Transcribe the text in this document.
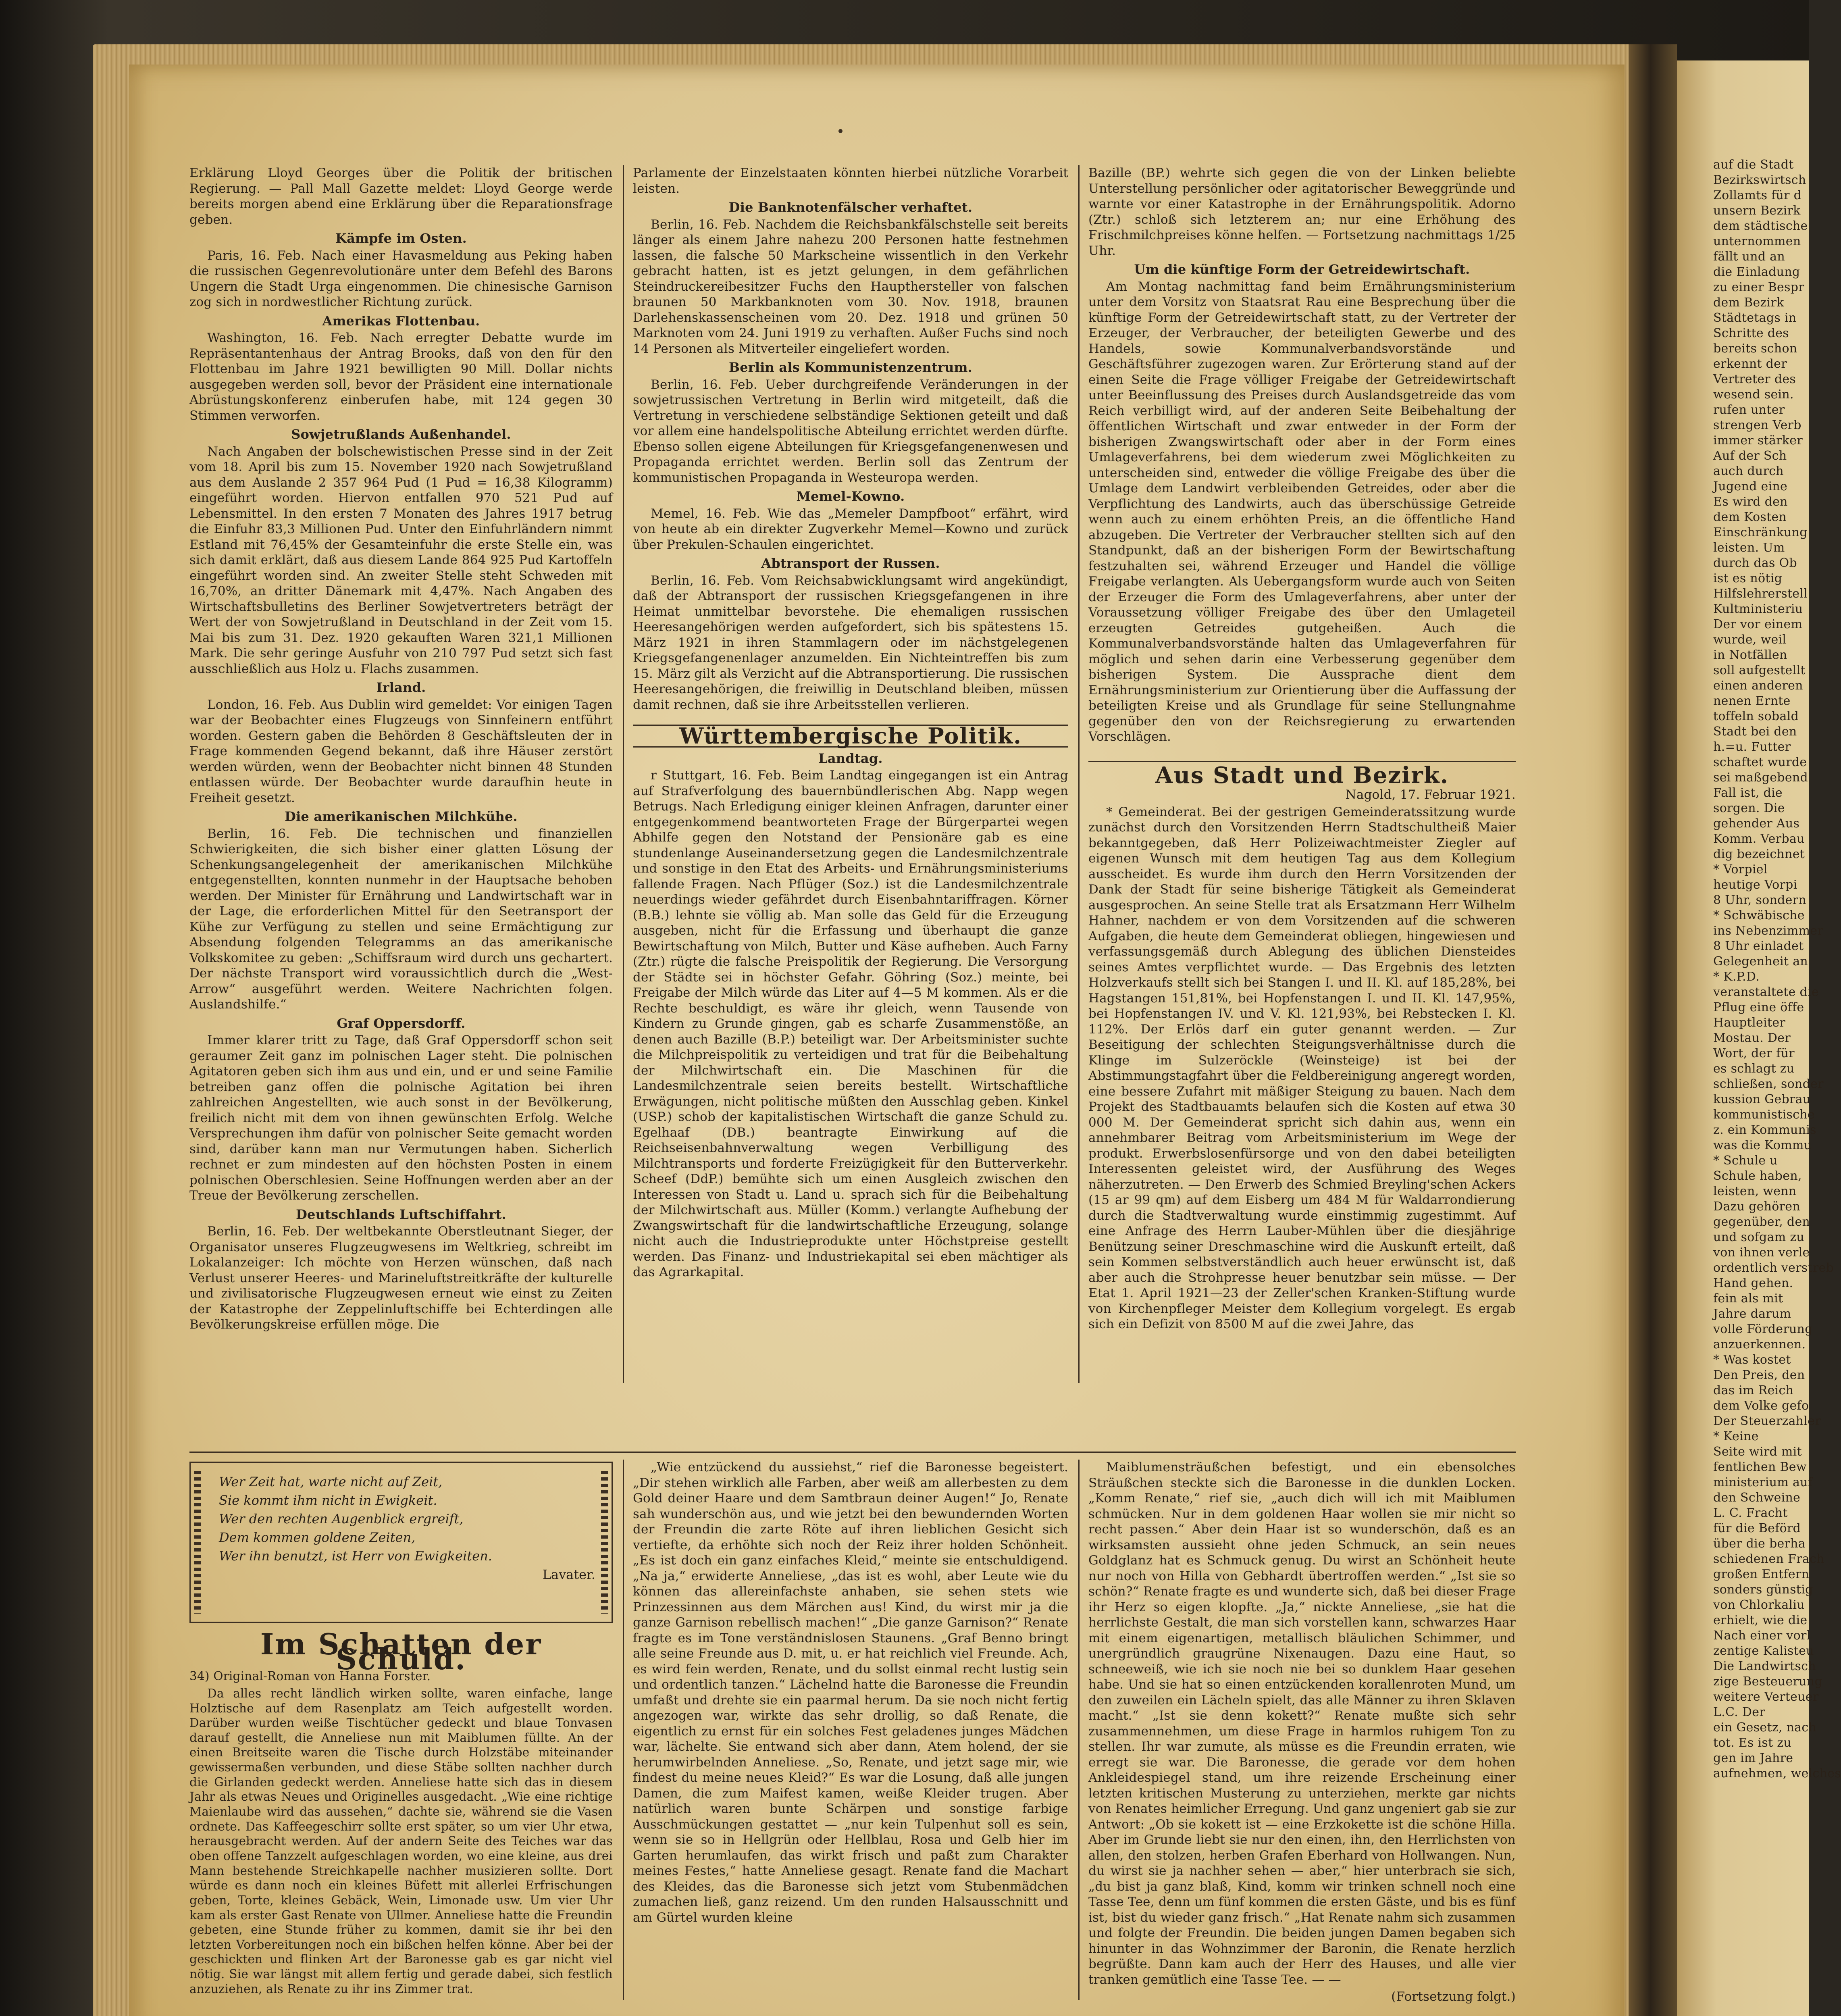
Erklärung Lloyd Georges über die Politik der britischen Regierung. — Pall Mall Gazette meldet: Lloyd George werde bereits morgen abend eine Erklärung über die Reparationsfrage geben.

Kämpfe im Osten.

Paris, 16. Feb. Nach einer Havasmeldung aus Peking haben die russischen Gegenrevolutionäre unter dem Befehl des Barons Ungern die Stadt Urga eingenommen. Die chinesische Garnison zog sich in nordwestlicher Richtung zurück.

Amerikas Flottenbau.

Washington, 16. Feb. Nach erregter Debatte wurde im Repräsentantenhaus der Antrag Brooks, daß von den für den Flottenbau im Jahre 1921 bewilligten 90 Mill. Dollar nichts ausgegeben werden soll, bevor der Präsident eine internationale Abrüstungskonferenz einberufen habe, mit 124 gegen 30 Stimmen verworfen.

Sowjetrußlands Außenhandel.

Nach Angaben der bolschewistischen Presse sind in der Zeit vom 18. April bis zum 15. November 1920 nach Sowjetrußland aus dem Auslande 2 357 964 Pud (1 Pud = 16,38 Kilogramm) eingeführt worden. Hiervon entfallen 970 521 Pud auf Lebensmittel. In den ersten 7 Monaten des Jahres 1917 betrug die Einfuhr 83,3 Millionen Pud. Unter den Einfuhrländern nimmt Estland mit 76,45% der Gesamteinfuhr die erste Stelle ein, was sich damit erklärt, daß aus diesem Lande 864 925 Pud Kartoffeln eingeführt worden sind. An zweiter Stelle steht Schweden mit 16,70%, an dritter Dänemark mit 4,47%. Nach Angaben des Wirtschaftsbulletins des Berliner Sowjetvertreters beträgt der Wert der von Sowjetrußland in Deutschland in der Zeit vom 15. Mai bis zum 31. Dez. 1920 gekauften Waren 321,1 Millionen Mark. Die sehr geringe Ausfuhr von 210 797 Pud setzt sich fast ausschließlich aus Holz u. Flachs zusammen.

Irland.

London, 16. Feb. Aus Dublin wird gemeldet: Vor einigen Tagen war der Beobachter eines Flugzeugs von Sinnfeinern entführt worden. Gestern gaben die Behörden 8 Geschäftsleuten der in Frage kommenden Gegend bekannt, daß ihre Häuser zerstört werden würden, wenn der Beobachter nicht binnen 48 Stunden entlassen würde. Der Beobachter wurde daraufhin heute in Freiheit gesetzt.

Die amerikanischen Milchkühe.

Berlin, 16. Feb. Die technischen und finanziellen Schwierigkeiten, die sich bisher einer glatten Lösung der Schenkungsangelegenheit der amerikanischen Milchkühe entgegenstellten, konnten nunmehr in der Hauptsache behoben werden. Der Minister für Ernährung und Landwirtschaft war in der Lage, die erforderlichen Mittel für den Seetransport der Kühe zur Verfügung zu stellen und seine Ermächtigung zur Absendung folgenden Telegramms an das amerikanische Volkskomitee zu geben: „Schiffsraum wird durch uns gechartert. Der nächste Transport wird voraussichtlich durch die „West-Arrow“ ausgeführt werden. Weitere Nachrichten folgen. Auslandshilfe.“

Graf Oppersdorff.

Immer klarer tritt zu Tage, daß Graf Oppersdorff schon seit geraumer Zeit ganz im polnischen Lager steht. Die polnischen Agitatoren geben sich ihm aus und ein, und er und seine Familie betreiben ganz offen die polnische Agitation bei ihren zahlreichen Angestellten, wie auch sonst in der Bevölkerung, freilich nicht mit dem von ihnen gewünschten Erfolg. Welche Versprechungen ihm dafür von polnischer Seite gemacht worden sind, darüber kann man nur Vermutungen haben. Sicherlich rechnet er zum mindesten auf den höchsten Posten in einem polnischen Oberschlesien. Seine Hoffnungen werden aber an der Treue der Bevölkerung zerschellen.

Deutschlands Luftschiffahrt.

Berlin, 16. Feb. Der weltbekannte Oberstleutnant Sieger, der Organisator unseres Flugzeugwesens im Weltkrieg, schreibt im Lokalanzeiger: Ich möchte von Herzen wünschen, daß nach Verlust unserer Heeres- und Marineluftstreitkräfte der kulturelle und zivilisatorische Flugzeugwesen erneut wie einst zu Zeiten der Katastrophe der Zeppelinluftschiffe bei Echterdingen alle Bevölkerungskreise erfüllen möge. Die

Parlamente der Einzelstaaten könnten hierbei nützliche Vorarbeit leisten.

Die Banknotenfälscher verhaftet.

Berlin, 16. Feb. Nachdem die Reichsbankfälschstelle seit bereits länger als einem Jahre nahezu 200 Personen hatte festnehmen lassen, die falsche 50 Markscheine wissentlich in den Verkehr gebracht hatten, ist es jetzt gelungen, in dem gefährlichen Steindruckereibesitzer Fuchs den Haupthersteller von falschen braunen 50 Markbanknoten vom 30. Nov. 1918, braunen Darlehenskassenscheinen vom 20. Dez. 1918 und grünen 50 Marknoten vom 24. Juni 1919 zu verhaften. Außer Fuchs sind noch 14 Personen als Mitverteiler eingeliefert worden.

Berlin als Kommunistenzentrum.

Berlin, 16. Feb. Ueber durchgreifende Veränderungen in der sowjetrussischen Vertretung in Berlin wird mitgeteilt, daß die Vertretung in verschiedene selbständige Sektionen geteilt und daß vor allem eine handelspolitische Abteilung errichtet werden dürfte. Ebenso sollen eigene Abteilungen für Kriegsgefangenenwesen und Propaganda errichtet werden. Berlin soll das Zentrum der kommunistischen Propaganda in Westeuropa werden.

Memel-Kowno.

Memel, 16. Feb. Wie das „Memeler Dampfboot“ erfährt, wird von heute ab ein direkter Zugverkehr Memel—Kowno und zurück über Prekulen-Schaulen eingerichtet.

Abtransport der Russen.

Berlin, 16. Feb. Vom Reichsabwicklungsamt wird angekündigt, daß der Abtransport der russischen Kriegsgefangenen in ihre Heimat unmittelbar bevorstehe. Die ehemaligen russischen Heeresangehörigen werden aufgefordert, sich bis spätestens 15. März 1921 in ihren Stammlagern oder im nächstgelegenen Kriegsgefangenenlager anzumelden. Ein Nichteintreffen bis zum 15. März gilt als Verzicht auf die Abtransportierung. Die russischen Heeresangehörigen, die freiwillig in Deutschland bleiben, müssen damit rechnen, daß sie ihre Arbeitsstellen verlieren.

Württembergische Politik.
Landtag.

r Stuttgart, 16. Feb. Beim Landtag eingegangen ist ein Antrag auf Strafverfolgung des bauernbündlerischen Abg. Napp wegen Betrugs. Nach Erledigung einiger kleinen Anfragen, darunter einer entgegenkommend beantworteten Frage der Bürgerpartei wegen Abhilfe gegen den Notstand der Pensionäre gab es eine stundenlange Auseinandersetzung gegen die Landesmilchzentrale und sonstige in den Etat des Arbeits- und Ernährungsministeriums fallende Fragen. Nach Pflüger (Soz.) ist die Landesmilchzentrale neuerdings wieder gefährdet durch Eisenbahntariffragen. Körner (B.B.) lehnte sie völlig ab. Man solle das Geld für die Erzeugung ausgeben, nicht für die Erfassung und überhaupt die ganze Bewirtschaftung von Milch, Butter und Käse aufheben. Auch Farny (Ztr.) rügte die falsche Preispolitik der Regierung. Die Versorgung der Städte sei in höchster Gefahr. Göhring (Soz.) meinte, bei Freigabe der Milch würde das Liter auf 4—5 M kommen. Als er die Rechte beschuldigt, es wäre ihr gleich, wenn Tausende von Kindern zu Grunde gingen, gab es scharfe Zusammenstöße, an denen auch Bazille (B.P.) beteiligt war. Der Arbeitsminister suchte die Milchpreispolitik zu verteidigen und trat für die Beibehaltung der Milchwirtschaft ein. Die Maschinen für die Landesmilchzentrale seien bereits bestellt. Wirtschaftliche Erwägungen, nicht politische müßten den Ausschlag geben. Kinkel (USP.) schob der kapitalistischen Wirtschaft die ganze Schuld zu. Egelhaaf (DB.) beantragte Einwirkung auf die Reichseisenbahnverwaltung wegen Verbilligung des Milchtransports und forderte Freizügigkeit für den Butterverkehr. Scheef (DdP.) bemühte sich um einen Ausgleich zwischen den Interessen von Stadt u. Land u. sprach sich für die Beibehaltung der Milchwirtschaft aus. Müller (Komm.) verlangte Aufhebung der Zwangswirtschaft für die landwirtschaftliche Erzeugung, solange nicht auch die Industrieprodukte unter Höchstpreise gestellt werden. Das Finanz- und Industriekapital sei eben mächtiger als das Agrarkapital.

Bazille (BP.) wehrte sich gegen die von der Linken beliebte Unterstellung persönlicher oder agitatorischer Beweggründe und warnte vor einer Katastrophe in der Ernährungspolitik. Adorno (Ztr.) schloß sich letzterem an; nur eine Erhöhung des Frischmilchpreises könne helfen. — Fortsetzung nachmittags 1/25 Uhr.

Um die künftige Form der Getreidewirtschaft.

Am Montag nachmittag fand beim Ernährungsministerium unter dem Vorsitz von Staatsrat Rau eine Besprechung über die künftige Form der Getreidewirtschaft statt, zu der Vertreter der Erzeuger, der Verbraucher, der beteiligten Gewerbe und des Handels, sowie Kommunalverbandsvorstände und Geschäftsführer zugezogen waren. Zur Erörterung stand auf der einen Seite die Frage völliger Freigabe der Getreidewirtschaft unter Beeinflussung des Preises durch Auslandsgetreide das vom Reich verbilligt wird, auf der anderen Seite Beibehaltung der öffentlichen Wirtschaft und zwar entweder in der Form der bisherigen Zwangswirtschaft oder aber in der Form eines Umlageverfahrens, bei dem wiederum zwei Möglichkeiten zu unterscheiden sind, entweder die völlige Freigabe des über die Umlage dem Landwirt verbleibenden Getreides, oder aber die Verpflichtung des Landwirts, auch das überschüssige Getreide wenn auch zu einem erhöhten Preis, an die öffentliche Hand abzugeben. Die Vertreter der Verbraucher stellten sich auf den Standpunkt, daß an der bisherigen Form der Bewirtschaftung festzuhalten sei, während Erzeuger und Handel die völlige Freigabe verlangten. Als Uebergangsform wurde auch von Seiten der Erzeuger die Form des Umlageverfahrens, aber unter der Voraussetzung völliger Freigabe des über den Umlageteil erzeugten Getreides gutgeheißen. Auch die Kommunalverbandsvorstände halten das Umlageverfahren für möglich und sehen darin eine Verbesserung gegenüber dem bisherigen System. Die Aussprache dient dem Ernährungsministerium zur Orientierung über die Auffassung der beteiligten Kreise und als Grundlage für seine Stellungnahme gegenüber den von der Reichsregierung zu erwartenden Vorschlägen.

Aus Stadt und Bezirk.
Nagold, 17. Februar 1921.

* Gemeinderat. Bei der gestrigen Gemeinderatssitzung wurde zunächst durch den Vorsitzenden Herrn Stadtschultheiß Maier bekanntgegeben, daß Herr Polizeiwachtmeister Ziegler auf eigenen Wunsch mit dem heutigen Tag aus dem Kollegium ausscheidet. Es wurde ihm durch den Herrn Vorsitzenden der Dank der Stadt für seine bisherige Tätigkeit als Gemeinderat ausgesprochen. An seine Stelle trat als Ersatzmann Herr Wilhelm Hahner, nachdem er von dem Vorsitzenden auf die schweren Aufgaben, die heute dem Gemeinderat obliegen, hingewiesen und verfassungsgemäß durch Ablegung des üblichen Diensteides seines Amtes verpflichtet wurde. — Das Ergebnis des letzten Holzverkaufs stellt sich bei Stangen I. und II. Kl. auf 185,28%, bei Hagstangen 151,81%, bei Hopfenstangen I. und II. Kl. 147,95%, bei Hopfenstangen IV. und V. Kl. 121,93%, bei Rebstecken I. Kl. 112%. Der Erlös darf ein guter genannt werden. — Zur Beseitigung der schlechten Steigungsverhältnisse durch die Klinge im Sulzeröckle (Weinsteige) ist bei der Abstimmungstagfahrt über die Feldbereinigung angeregt worden, eine bessere Zufahrt mit mäßiger Steigung zu bauen. Nach dem Projekt des Stadtbauamts belaufen sich die Kosten auf etwa 30 000 M. Der Gemeinderat spricht sich dahin aus, wenn ein annehmbarer Beitrag vom Arbeitsministerium im Wege der produkt. Erwerbslosenfürsorge und von den dabei beteiligten Interessenten geleistet wird, der Ausführung des Weges näherzutreten. — Den Erwerb des Schmied Breyling'schen Ackers (15 ar 99 qm) auf dem Eisberg um 484 M für Waldarrondierung durch die Stadtverwaltung wurde einstimmig zugestimmt. Auf eine Anfrage des Herrn Lauber-Mühlen über die diesjährige Benützung seiner Dreschmaschine wird die Auskunft erteilt, daß sein Kommen selbstverständlich auch heuer erwünscht ist, daß aber auch die Strohpresse heuer benutzbar sein müsse. — Der Etat 1. April 1921—23 der Zeller'schen Kranken-Stiftung wurde von Kirchenpfleger Meister dem Kollegium vorgelegt. Es ergab sich ein Defizit von 8500 M auf die zwei Jahre, das

Wer Zeit hat, warte nicht auf Zeit,
Sie kommt ihm nicht in Ewigkeit.
Wer den rechten Augenblick ergreift,
Dem kommen goldene Zeiten,
Wer ihn benutzt, ist Herr von Ewigkeiten.
Lavater.
Im Schatten der Schuld.

34) Original-Roman von Hanna Forster.

Da alles recht ländlich wirken sollte, waren einfache, lange Holztische auf dem Rasenplatz am Teich aufgestellt worden. Darüber wurden weiße Tischtücher gedeckt und blaue Tonvasen darauf gestellt, die Anneliese nun mit Maiblumen füllte. An der einen Breitseite waren die Tische durch Holzstäbe miteinander gewissermaßen verbunden, und diese Stäbe sollten nachher durch die Girlanden gedeckt werden. Anneliese hatte sich das in diesem Jahr als etwas Neues und Originelles ausgedacht. „Wie eine richtige Maienlaube wird das aussehen,“ dachte sie, während sie die Vasen ordnete. Das Kaffeegeschirr sollte erst später, so um vier Uhr etwa, herausgebracht werden. Auf der andern Seite des Teiches war das oben offene Tanzzelt aufgeschlagen worden, wo eine kleine, aus drei Mann bestehende Streichkapelle nachher musizieren sollte. Dort würde es dann noch ein kleines Büfett mit allerlei Erfrischungen geben, Torte, kleines Gebäck, Wein, Limonade usw. Um vier Uhr kam als erster Gast Renate von Ullmer. Anneliese hatte die Freundin gebeten, eine Stunde früher zu kommen, damit sie ihr bei den letzten Vorbereitungen noch ein bißchen helfen könne. Aber bei der geschickten und flinken Art der Baronesse gab es gar nicht viel nötig. Sie war längst mit allem fertig und gerade dabei, sich festlich anzuziehen, als Renate zu ihr ins Zimmer trat.

„Wie entzückend du aussiehst,“ rief die Baronesse begeistert. „Dir stehen wirklich alle Farben, aber weiß am allerbesten zu dem Gold deiner Haare und dem Samtbraun deiner Augen!“ Jo, Renate sah wunderschön aus, und wie jetzt bei den bewundernden Worten der Freundin die zarte Röte auf ihren lieblichen Gesicht sich vertiefte, da erhöhte sich noch der Reiz ihrer holden Schönheit. „Es ist doch ein ganz einfaches Kleid,“ meinte sie entschuldigend. „Na ja,“ erwiderte Anneliese, „das ist es wohl, aber Leute wie du können das allereinfachste anhaben, sie sehen stets wie Prinzessinnen aus dem Märchen aus! Kind, du wirst mir ja die ganze Garnison rebellisch machen!“ „Die ganze Garnison?“ Renate fragte es im Tone verständnislosen Staunens. „Graf Benno bringt alle seine Freunde aus D. mit, u. er hat reichlich viel Freunde. Ach, es wird fein werden, Renate, und du sollst einmal recht lustig sein und ordentlich tanzen.“ Lächelnd hatte die Baronesse die Freundin umfaßt und drehte sie ein paarmal herum. Da sie noch nicht fertig angezogen war, wirkte das sehr drollig, so daß Renate, die eigentlich zu ernst für ein solches Fest geladenes junges Mädchen war, lächelte. Sie entwand sich aber dann, Atem holend, der sie herumwirbelnden Anneliese. „So, Renate, und jetzt sage mir, wie findest du meine neues Kleid?“ Es war die Losung, daß alle jungen Damen, die zum Maifest kamen, weiße Kleider trugen. Aber natürlich waren bunte Schärpen und sonstige farbige Ausschmückungen gestattet — „nur kein Tulpenhut soll es sein, wenn sie so in Hellgrün oder Hellblau, Rosa und Gelb hier im Garten herumlaufen, das wirkt frisch und paßt zum Charakter meines Festes,“ hatte Anneliese gesagt. Renate fand die Machart des Kleides, das die Baronesse sich jetzt vom Stubenmädchen zumachen ließ, ganz reizend. Um den runden Halsausschnitt und am Gürtel wurden kleine

Maiblumensträußchen befestigt, und ein ebensolches Sträußchen steckte sich die Baronesse in die dunklen Locken. „Komm Renate,“ rief sie, „auch dich will ich mit Maiblumen schmücken. Nur in dem goldenen Haar wollen sie mir nicht so recht passen.“ Aber dein Haar ist so wunderschön, daß es an wirksamsten aussieht ohne jeden Schmuck, an sein neues Goldglanz hat es Schmuck genug. Du wirst an Schönheit heute nur noch von Hilla von Gebhardt übertroffen werden.“ „Ist sie so schön?“ Renate fragte es und wunderte sich, daß bei dieser Frage ihr Herz so eigen klopfte. „Ja,“ nickte Anneliese, „sie hat die herrlichste Gestalt, die man sich vorstellen kann, schwarzes Haar mit einem eigenartigen, metallisch bläulichen Schimmer, und unergründlich graugrüne Nixenaugen. Dazu eine Haut, so schneeweiß, wie ich sie noch nie bei so dunklem Haar gesehen habe. Und sie hat so einen entzückenden korallenroten Mund, um den zuweilen ein Lächeln spielt, das alle Männer zu ihren Sklaven macht.“ „Ist sie denn kokett?“ Renate mußte sich sehr zusammennehmen, um diese Frage in harmlos ruhigem Ton zu stellen. Ihr war zumute, als müsse es die Freundin erraten, wie erregt sie war. Die Baronesse, die gerade vor dem hohen Ankleidespiegel stand, um ihre reizende Erscheinung einer letzten kritischen Musterung zu unterziehen, merkte gar nichts von Renates heimlicher Erregung. Und ganz ungeniert gab sie zur Antwort: „Ob sie kokett ist — eine Erzkokette ist die schöne Hilla. Aber im Grunde liebt sie nur den einen, ihn, den Herrlichsten von allen, den stolzen, herben Grafen Eberhard von Hollwangen. Nun, du wirst sie ja nachher sehen — aber,“ hier unterbrach sie sich, „du bist ja ganz blaß, Kind, komm wir trinken schnell noch eine Tasse Tee, denn um fünf kommen die ersten Gäste, und bis es fünf ist, bist du wieder ganz frisch.“ „Hat Renate nahm sich zusammen und folgte der Freundin. Die beiden jungen Damen begaben sich hinunter in das Wohnzimmer der Baronin, die Renate herzlich begrüßte. Dann kam auch der Herr des Hauses, und alle vier tranken gemütlich eine Tasse Tee. — —

(Fortsetzung folgt.)
auf die Stadt
Bezirkswirtsch
Zollamts für d
unsern Bezirk
dem städtische
unternommen
fällt und an
die Einladung
zu einer Bespr
dem Bezirk
Städtetags in
Schritte des
bereits schon
erkennt der
Vertreter des
wesend sein.
rufen unter
strengen Verb
immer stärker
Auf der Sch
auch durch
Jugend eine
Es wird den
dem Kosten
Einschränkung
leisten. Um
durch das Ob
ist es nötig
Hilfslehrerstell
Kultministeriu
Der vor einem
wurde, weil
in Notfällen
soll aufgestellt
einen anderen
nenen Ernte
toffeln sobald
Stadt bei den
h.=u. Futter
schaftet wurde
sei maßgebend
Fall ist, die
sorgen. Die
gehender Aus
Komm. Verbau
dig bezeichnet
* Vorpiel
heutige Vorpi
8 Uhr, sondern
* Schwäbische
ins Nebenzimmer
8 Uhr einladet
Gelegenheit an
* K.P.D.
veranstaltete die
Pflug eine öffe
Hauptleiter
Mostau. Der
Wort, der für
es schlagt zu
schließen, sonder
kussion Gebrau
kommunistische
z. ein Kommunis
was die Kommu
* Schule u
Schule haben,
leisten, wenn
Dazu gehören
gegenüber, den
und sofgam zu
von ihnen verle
ordentlich verstreb
Hand gehen.
fein als mit
Jahre darum
volle Förderung
anzuerkennen.
* Was kostet
Den Preis, den
das im Reich
dem Volke gefo
Der Steuerzahler
* Keine
Seite wird mit
fentlichen Bew
ministerium auf
den Schweine
L. C. Fracht
für die Beförd
über die berha
schiedenen Frach
großen Entfern
sonders günstig
von Chlorkaliu
erhielt, wie die
Nach einer vorl
zentige Kalisteu
Die Landwirtsch
zige Besteuerung
weitere Verteuer
L.C. Der
ein Gesetz, nach
tot. Es ist zu
gen im Jahre
aufnehmen, welches
